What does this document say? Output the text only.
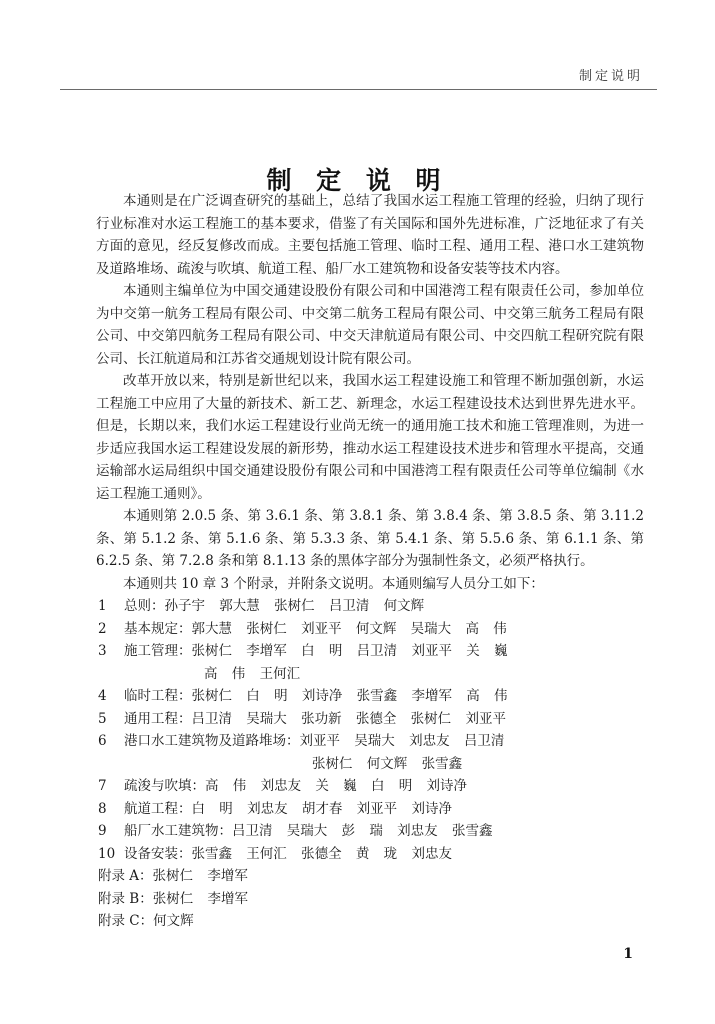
制定说明
制 定 说 明

本通则是在广泛调查研究的基础上，总结了我国水运工程施工管理的经验，归纳了现行行业标准对水运工程施工的基本要求，借鉴了有关国际和国外先进标准，广泛地征求了有关方面的意见，经反复修改而成。主要包括施工管理、临时工程、通用工程、港口水工建筑物及道路堆场、疏浚与吹填、航道工程、船厂水工建筑物和设备安装等技术内容。

本通则主编单位为中国交通建设股份有限公司和中国港湾工程有限责任公司，参加单位为中交第一航务工程局有限公司、中交第二航务工程局有限公司、中交第三航务工程局有限公司、中交第四航务工程局有限公司、中交天津航道局有限公司、中交四航工程研究院有限公司、长江航道局和江苏省交通规划设计院有限公司。

改革开放以来，特别是新世纪以来，我国水运工程建设施工和管理不断加强创新，水运工程施工中应用了大量的新技术、新工艺、新理念，水运工程建设技术达到世界先进水平。但是，长期以来，我们水运工程建设行业尚无统一的通用施工技术和施工管理准则，为进一步适应我国水运工程建设发展的新形势，推动水运工程建设技术进步和管理水平提高，交通运输部水运局组织中国交通建设股份有限公司和中国港湾工程有限责任公司等单位编制《水运工程施工通则》。

本通则第 2.0.5 条、第 3.6.1 条、第 3.8.1 条、第 3.8.4 条、第 3.8.5 条、第 3.11.2 条、第 5.1.2 条、第 5.1.6 条、第 5.3.3 条、第 5.4.1 条、第 5.5.6 条、第 6.1.1 条、第 6.2.5 条、第 7.2.8 条和第 8.1.13 条的黑体字部分为强制性条文，必须严格执行。

本通则共 10 章 3 个附录，并附条文说明。本通则编写人员分工如下：

1 总则：孙子宇 郭大慧 张树仁 吕卫清 何文辉
2 基本规定：郭大慧 张树仁 刘亚平 何文辉 吴瑞大 高 伟
3 施工管理：张树仁 李增军 白 明 吕卫清 刘亚平 关 巍
高 伟 王何汇
4 临时工程：张树仁 白 明 刘诗净 张雪鑫 李增军 高 伟
5 通用工程：吕卫清 吴瑞大 张功新 张德全 张树仁 刘亚平
6 港口水工建筑物及道路堆场：刘亚平 吴瑞大 刘忠友 吕卫清
张树仁 何文辉 张雪鑫
7 疏浚与吹填：高 伟 刘忠友 关 巍 白 明 刘诗净
8 航道工程：白 明 刘忠友 胡才春 刘亚平 刘诗净
9 船厂水工建筑物：吕卫清 吴瑞大 彭 瑞 刘忠友 张雪鑫
10 设备安装：张雪鑫 王何汇 张德全 黄 珑 刘忠友
附录 A：张树仁 李增军
附录 B：张树仁 李增军
附录 C：何文辉
1
